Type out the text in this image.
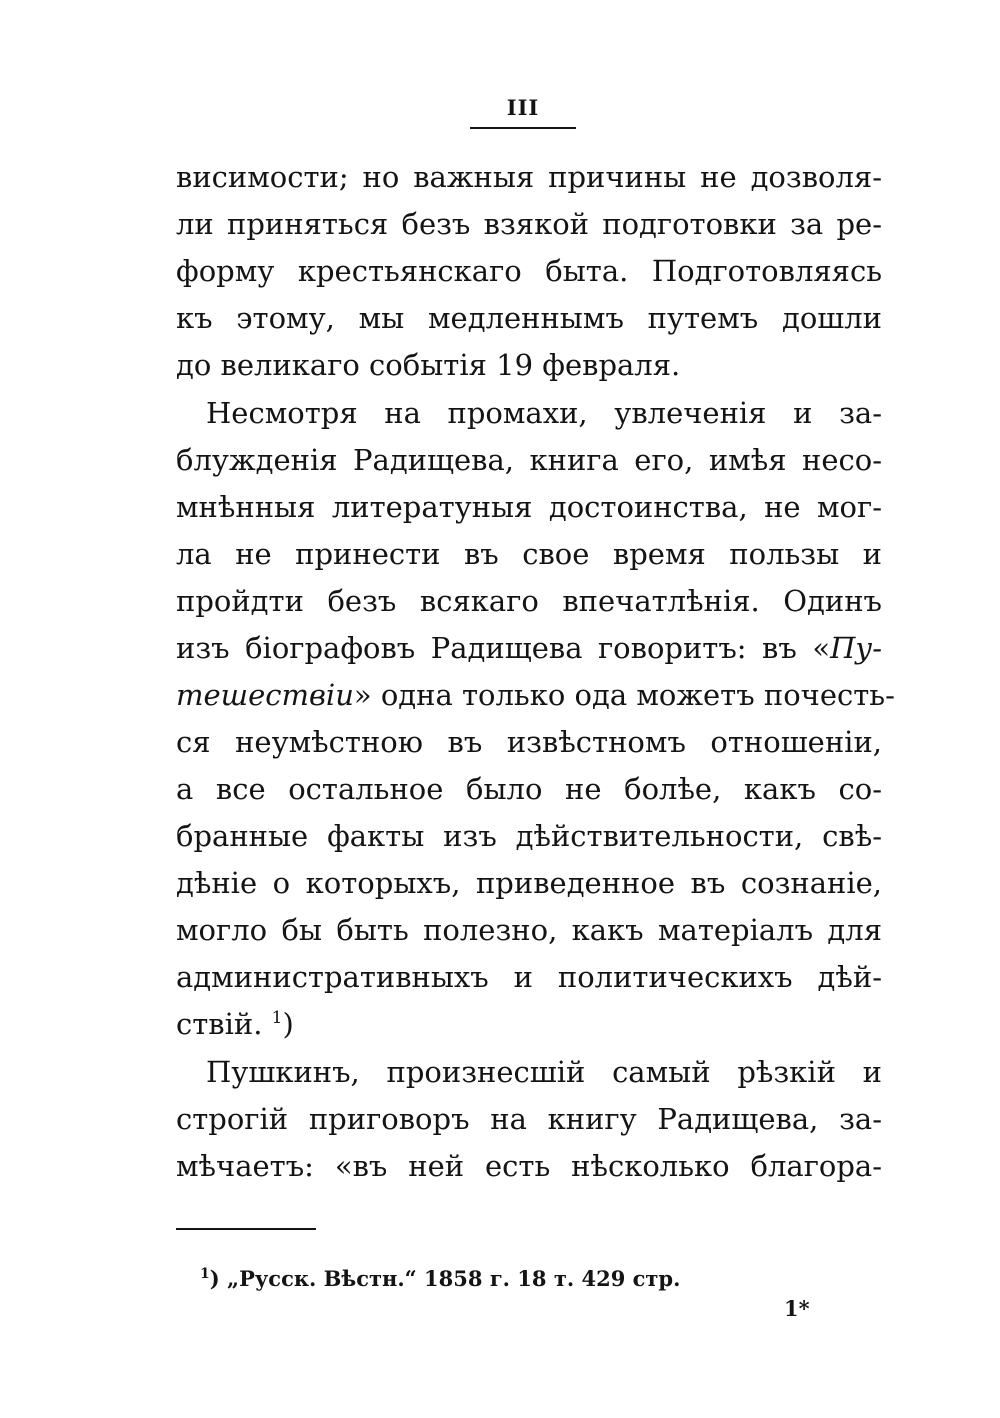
III
висимости; но важныя причины не дозволя-
ли приняться безъ взякой подготовки за ре-
форму крестьянскаго быта. Подготовляясь
къ этому, мы медленнымъ путемъ дошли
до великаго событія 19 февраля.
Несмотря на промахи, увлеченія и за-
блужденія Радищева, книга его, имѣя несо-
мнѣнныя литератуныя достоинства, не мог-
ла не принести въ свое время пользы и
пройдти безъ всякаго впечатлѣнія. Одинъ
изъ біографовъ Радищева говоритъ: въ «Пу-
тешествіи» одна только ода можетъ почесть-
ся неумѣстною въ извѣстномъ отношеніи,
а все остальное было не болѣе, какъ со-
бранные факты изъ дѣйствительности, свѣ-
дѣніе о которыхъ, приведенное въ сознаніе,
могло бы быть полезно, какъ матеріалъ для
административныхъ и политическихъ дѣй-
ствій. $^1$)
Пушкинъ, произнесшій самый рѣзкій и
строгій приговоръ на книгу Радищева, за-
мѣчаетъ: «въ ней есть нѣсколько благора-
$^1$) „Русск. Вѣстн.“ 1858 г. 18 т. 429 стр.
1*
